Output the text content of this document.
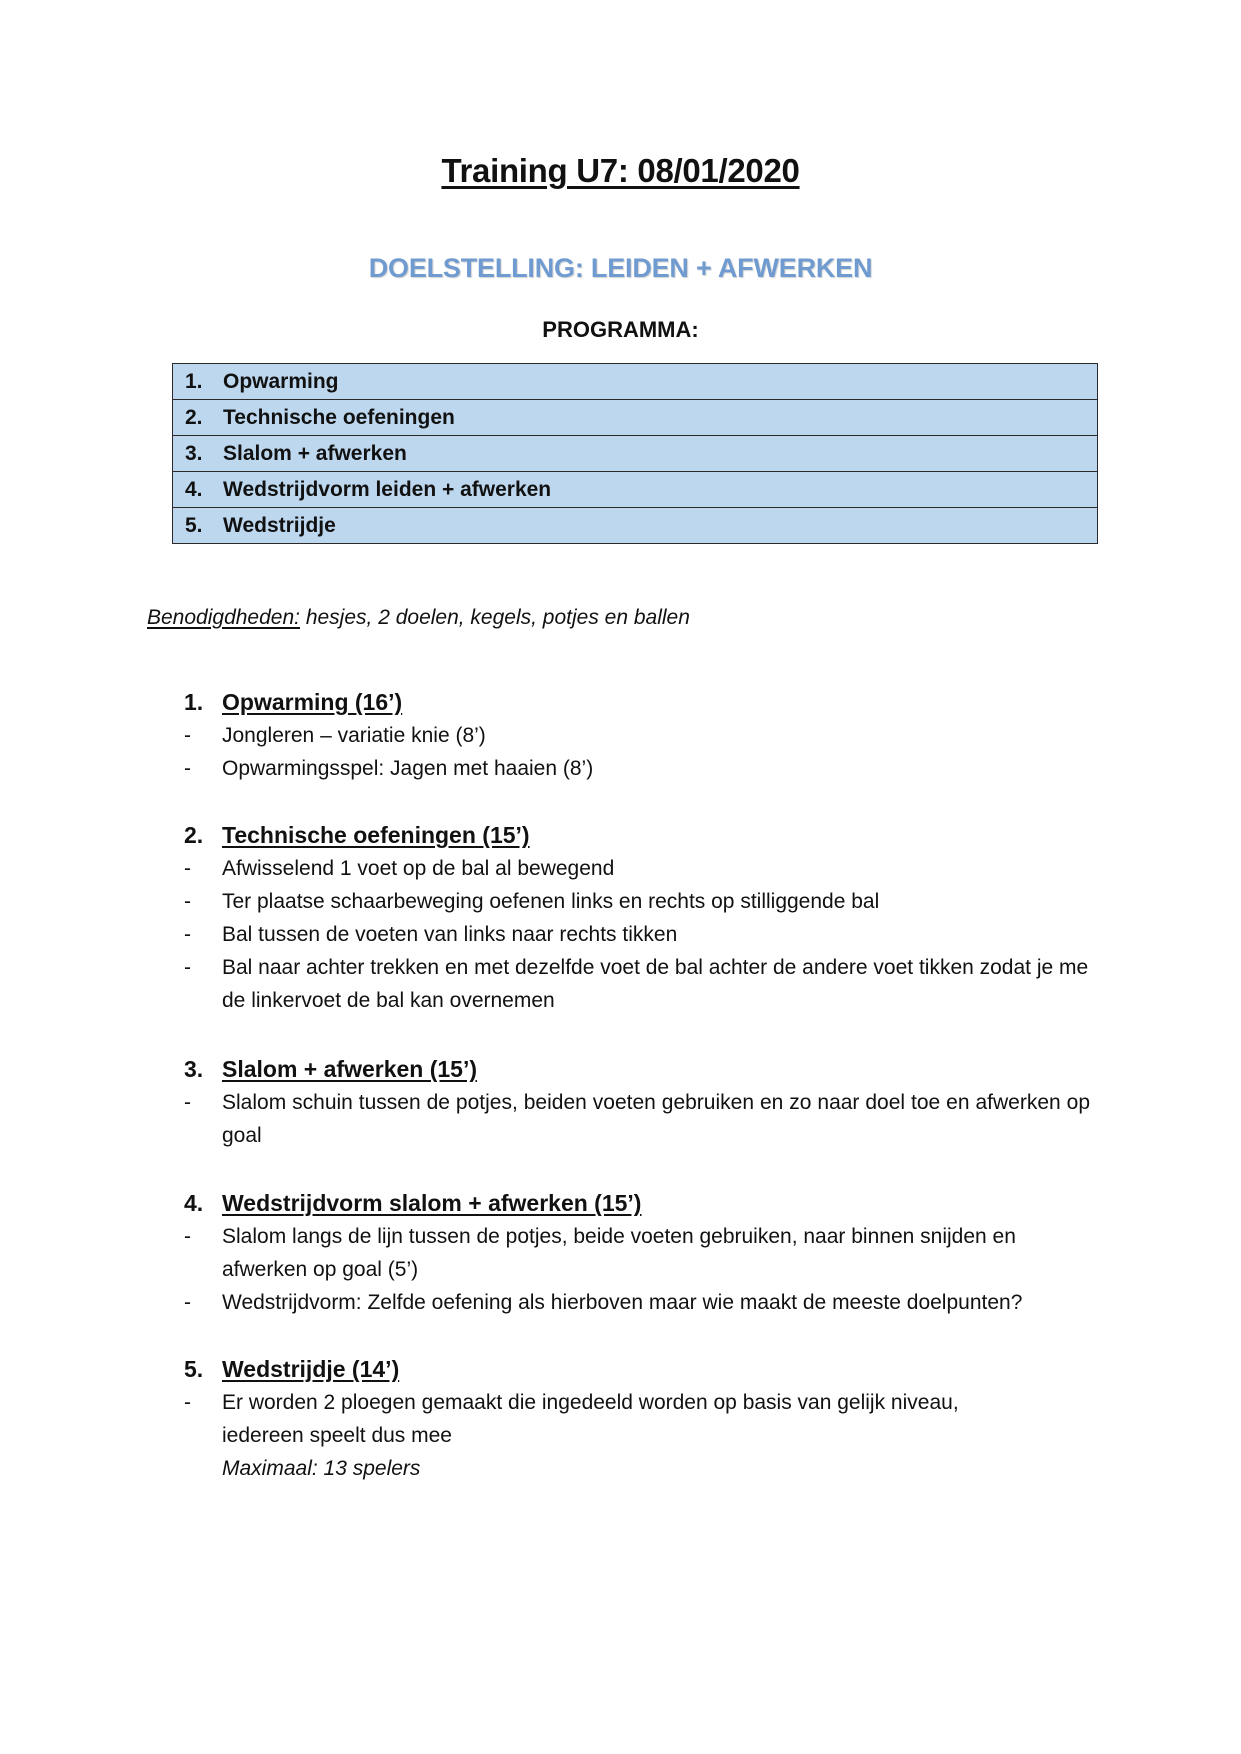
Training U7: 08/01/2020
DOELSTELLING: LEIDEN + AFWERKEN
PROGRAMMA:
1. Opwarming
2. Technische oefeningen
3. Slalom + afwerken
4. Wedstrijdvorm leiden + afwerken
5. Wedstrijdje
Benodigdheden: hesjes, 2 doelen, kegels, potjes en ballen
1. Opwarming (16’)
- Jongleren – variatie knie (8’)
- Opwarmingsspel: Jagen met haaien (8’)
2. Technische oefeningen (15’)
- Afwisselend 1 voet op de bal al bewegend
- Ter plaatse schaarbeweging oefenen links en rechts op stilliggende bal
- Bal tussen de voeten van links naar rechts tikken
- Bal naar achter trekken en met dezelfde voet de bal achter de andere voet tikken zodat je me de linkervoet de bal kan overnemen
3. Slalom + afwerken (15’)
- Slalom schuin tussen de potjes, beiden voeten gebruiken en zo naar doel toe en afwerken op goal
4. Wedstrijdvorm slalom + afwerken (15’)
- Slalom langs de lijn tussen de potjes, beide voeten gebruiken, naar binnen snijden en afwerken op goal (5’)
- Wedstrijdvorm: Zelfde oefening als hierboven maar wie maakt de meeste doelpunten?
5. Wedstrijdje (14’)
- Er worden 2 ploegen gemaakt die ingedeeld worden op basis van gelijk niveau, iedereen speelt dus mee
Maximaal: 13 spelers
